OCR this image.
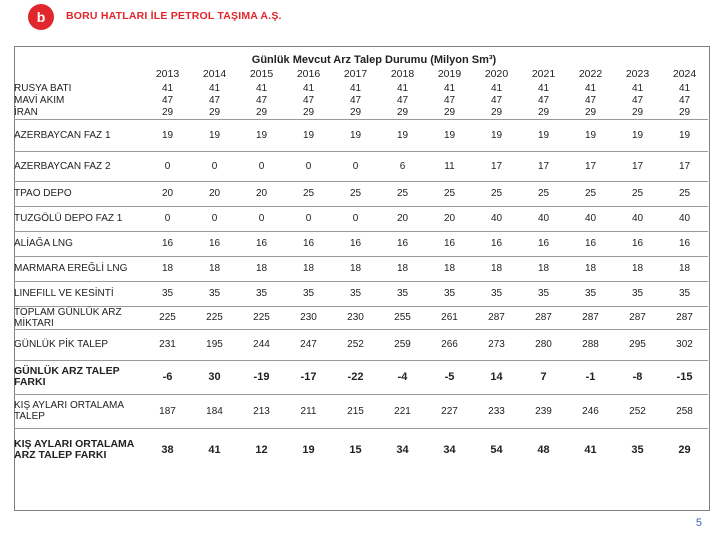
b	BORU HATLARI İLE PETROL TAŞIMA A.Ş.
Günlük Mevcut Arz Talep Durumu (Milyon Sm³)
	2013	2014	2015	2016	2017	2018	2019	2020	2021	2022	2023	2024
RUSYA BATI	41	41	41	41	41	41	41	41	41	41	41	41
MAVİ AKIM	47	47	47	47	47	47	47	47	47	47	47	47
İRAN	29	29	29	29	29	29	29	29	29	29	29	29
AZERBAYCAN FAZ 1	19	19	19	19	19	19	19	19	19	19	19	19
AZERBAYCAN FAZ 2	0	0	0	0	0	6	11	17	17	17	17	17
TPAO DEPO	20	20	20	25	25	25	25	25	25	25	25	25
TUZGÖLÜ DEPO FAZ 1	0	0	0	0	0	20	20	40	40	40	40	40
ALİAĞA LNG	16	16	16	16	16	16	16	16	16	16	16	16
MARMARA EREĞLİ LNG	18	18	18	18	18	18	18	18	18	18	18	18
LINEFILL VE KESİNTİ	35	35	35	35	35	35	35	35	35	35	35	35
TOPLAM GÜNLÜK ARZ MİKTARI	225	225	225	230	230	255	261	287	287	287	287	287
GÜNLÜK PİK TALEP	231	195	244	247	252	259	266	273	280	288	295	302
GÜNLÜK ARZ TALEP FARKI	-6	30	-19	-17	-22	-4	-5	14	7	-1	-8	-15
KIŞ AYLARI ORTALAMA TALEP	187	184	213	211	215	221	227	233	239	246	252	258
KIŞ AYLARI ORTALAMA ARZ TALEP FARKI	38	41	12	19	15	34	34	54	48	41	35	29
5
